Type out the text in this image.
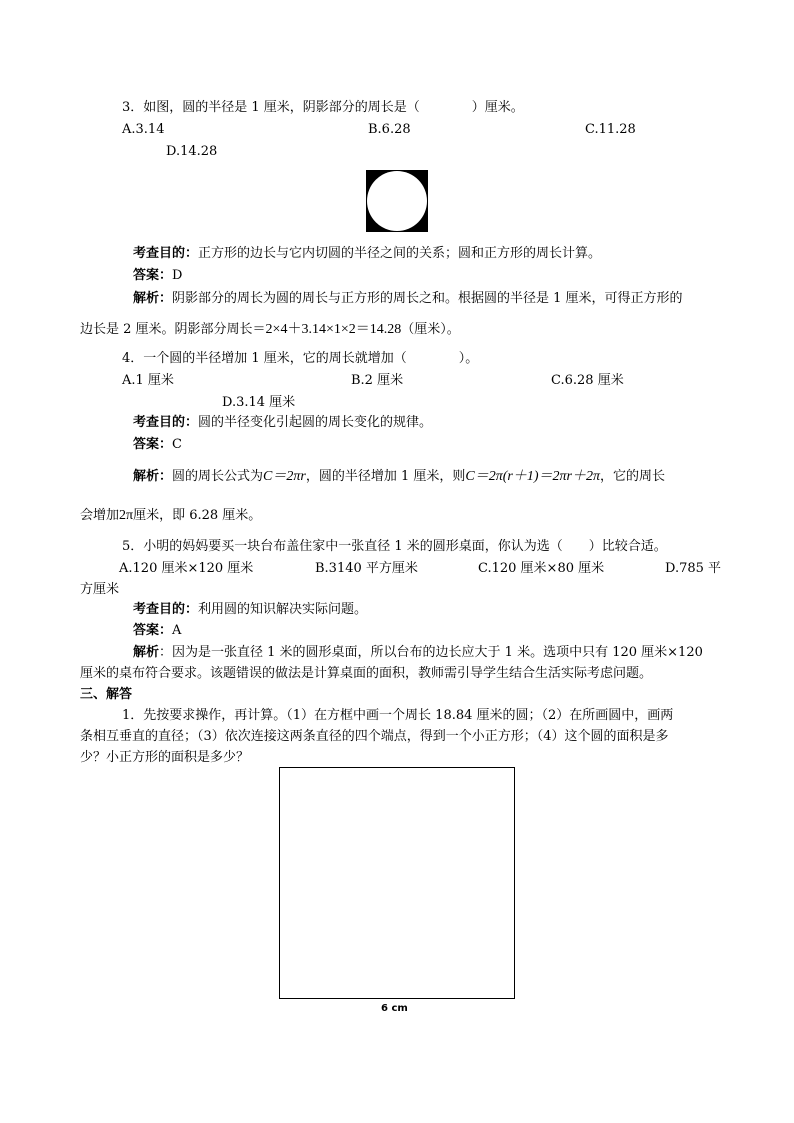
3．如图，圆的半径是 1 厘米，阴影部分的周长是（　　　　）厘米。
A.3.14	B.6.28	C.11.28
D.14.28
考查目的：正方形的边长与它内切圆的半径之间的关系；圆和正方形的周长计算。
答案：D
解析：阴影部分的周长为圆的周长与正方形的周长之和。根据圆的半径是 1 厘米，可得正方形的
边长是 2 厘米。阴影部分周长＝2×4＋3.14×1×2＝14.28（厘米）。
4．一个圆的半径增加 1 厘米，它的周长就增加（　　　　）。
A.1 厘米	B.2 厘米	C.6.28 厘米
D.3.14 厘米
考查目的：圆的半径变化引起圆的周长变化的规律。
答案：C
解析：圆的周长公式为C＝2πr，圆的半径增加 1 厘米，则C＝2π(r＋1)＝2πr＋2π，它的周长
会增加2π厘米，即 6.28 厘米。
5．小明的妈妈要买一块台布盖住家中一张直径 1 米的圆形桌面，你认为选（　　）比较合适。
A.120 厘米×120 厘米	B.3140 平方厘米	C.120 厘米×80 厘米	D.785 平
方厘米
考查目的：利用圆的知识解决实际问题。
答案：A
解析：因为是一张直径 1 米的圆形桌面，所以台布的边长应大于 1 米。选项中只有 120 厘米×120
厘米的桌布符合要求。该题错误的做法是计算桌面的面积，教师需引导学生结合生活实际考虑问题。
三、解答
1．先按要求操作，再计算。（1）在方框中画一个周长 18.84 厘米的圆；（2）在所画圆中，画两
条相互垂直的直径；（3）依次连接这两条直径的四个端点，得到一个小正方形；（4）这个圆的面积是多
少？小正方形的面积是多少？
6 cm
